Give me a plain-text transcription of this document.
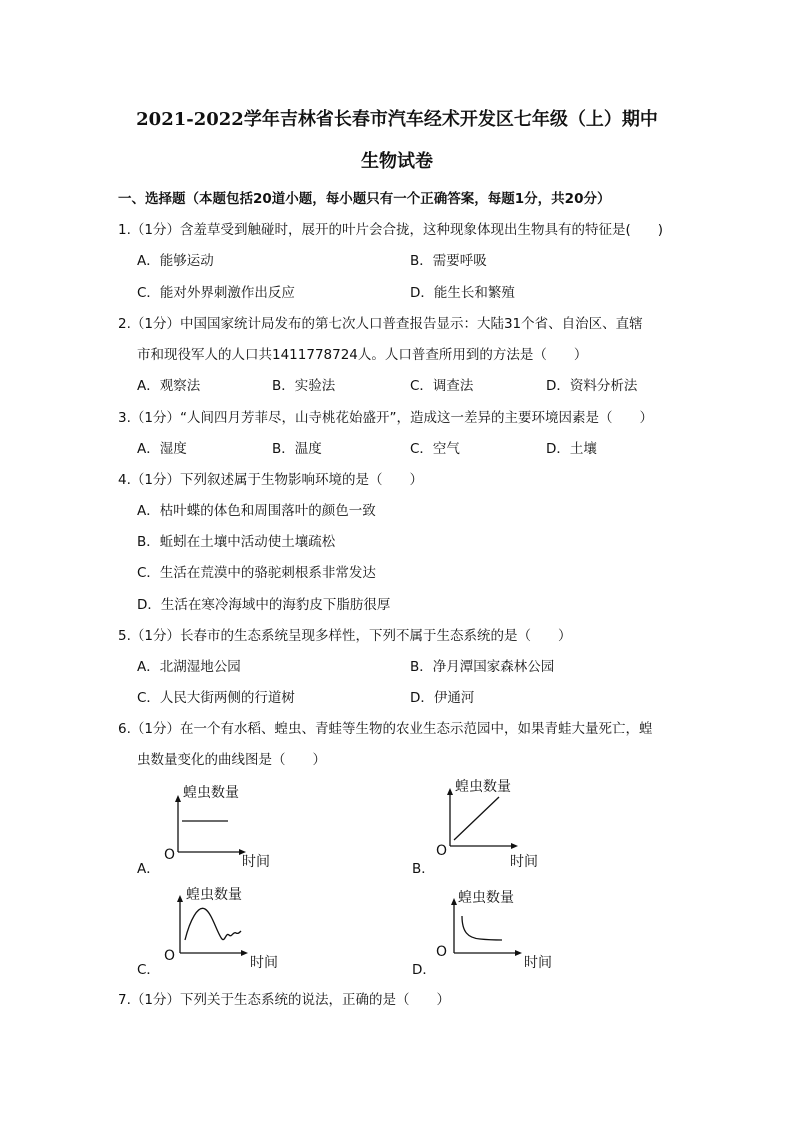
2021-2022学年吉林省长春市汽车经术开发区七年级（上）期中
生物试卷
一、选择题（本题包括20道小题，每小题只有一个正确答案，每题1分，共20分）
1.（1分）含羞草受到触碰时，展开的叶片会合拢，这种现象体现出生物具有的特征是(　　)
A．能够运动	B．需要呼吸
C．能对外界刺激作出反应	D．能生长和繁殖
2.（1分）中国国家统计局发布的第七次人口普查报告显示：大陆31个省、自治区、直辖
市和现役军人的人口共1411778724人。人口普查所用到的方法是（　　）
A．观察法	B．实验法	C．调查法	D．资料分析法
3.（1分）“人间四月芳菲尽，山寺桃花始盛开”，造成这一差异的主要环境因素是（　　）
A．湿度	B．温度	C．空气	D．土壤
4.（1分）下列叙述属于生物影响环境的是（　　）
A．枯叶蝶的体色和周围落叶的颜色一致
B．蚯蚓在土壤中活动使土壤疏松
C．生活在荒漠中的骆驼刺根系非常发达
D．生活在寒冷海域中的海豹皮下脂肪很厚
5.（1分）长春市的生态系统呈现多样性，下列不属于生态系统的是（　　）
A．北湖湿地公园	B．净月潭国家森林公园
C．人民大街两侧的行道树	D．伊通河
6.（1分）在一个有水稻、蝗虫、青蛙等生物的农业生态示范园中，如果青蛙大量死亡，蝗
虫数量变化的曲线图是（　　）
A．
蝗虫数量
O	时间	B．
蝗虫数量
O
时间
C．
蝗虫数量
O	时间	D．
蝗虫数量
O
时间
7.（1分）下列关于生态系统的说法，正确的是（　　）
